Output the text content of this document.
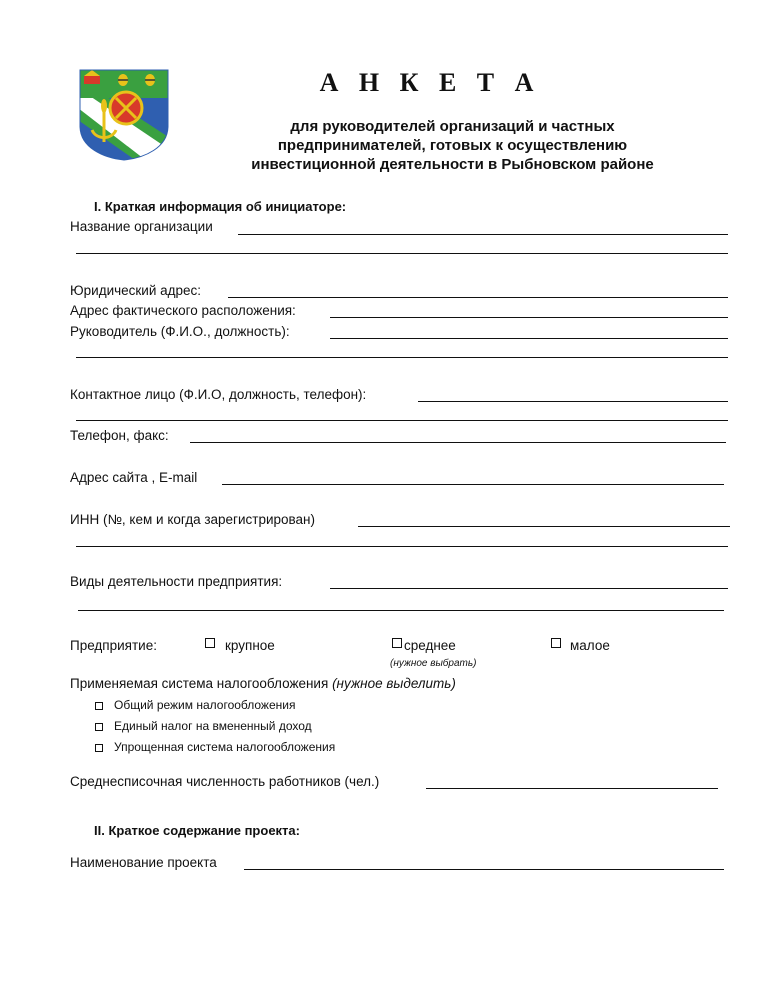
А Н К Е Т А
для руководителей организаций и частных
предпринимателей, готовых к осуществлению
инвестиционной деятельности в Рыбновском районе
I. Краткая информация об инициаторе:
Название организации
Юридический адрес:
Адрес фактического расположения:
Руководитель (Ф.И.О., должность):
Контактное лицо (Ф.И.О, должность, телефон):
Телефон, факс:
Адрес сайта , E-mail
ИНН (№, кем и когда зарегистрирован)
Виды деятельности предприятия:
Предприятие:	крупное	среднее	малое
(нужное выбрать)
Применяемая система налогообложения (нужное выделить)
Общий режим налогообложения
Единый налог на вмененный доход
Упрощенная система налогообложения
Среднесписочная численность работников (чел.)
II. Краткое содержание проекта:
Наименование проекта
